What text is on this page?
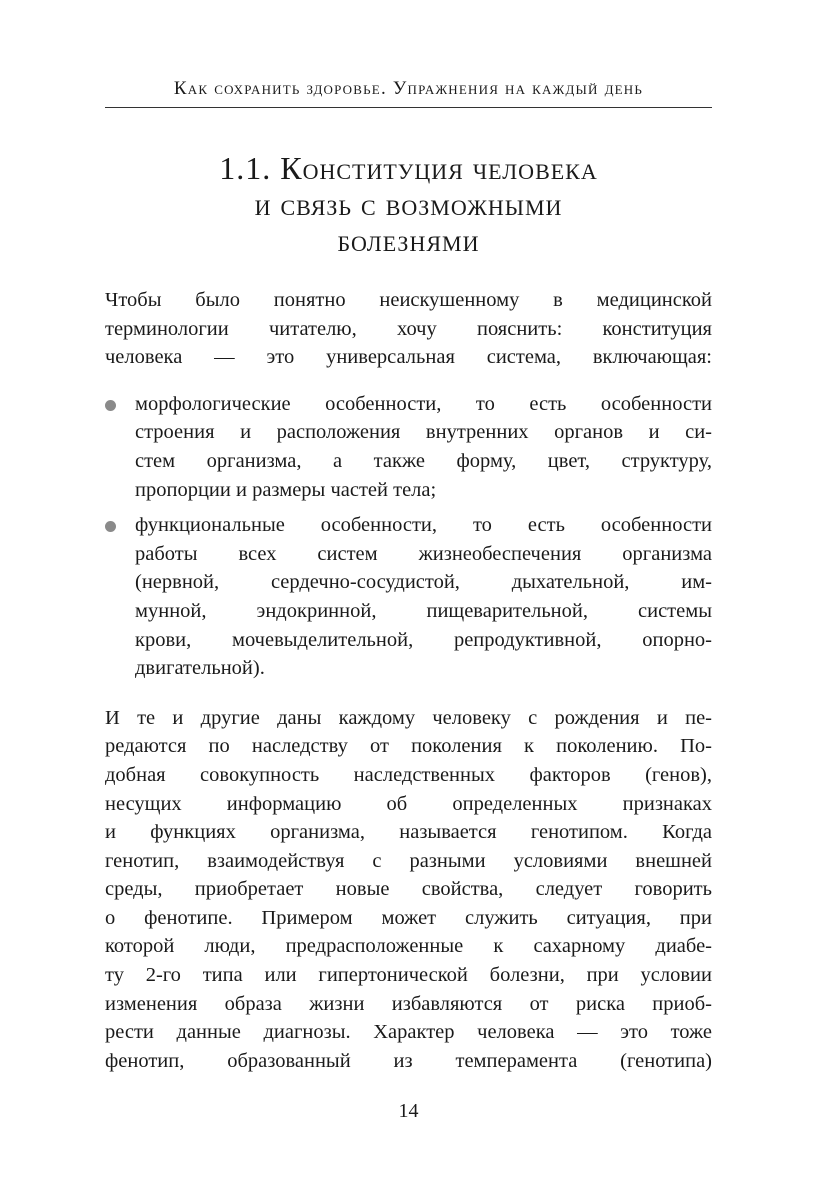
Как сохранить здоровье. Упражнения на каждый день
1.1. Конституция человека
и связь с возможными
болезнями
Чтобы было понятно неискушенному в медицинской
терминологии читателю, хочу пояснить: конституция
человека — это универсальная система, включающая:
морфологические особенности, то есть особенности
строения и расположения внутренних органов и си-
стем организма, а также форму, цвет, структуру,
пропорции и размеры частей тела;
функциональные особенности, то есть особенности
работы всех систем жизнеобеспечения организма
(нервной, сердечно-сосудистой, дыхательной, им-
мунной, эндокринной, пищеварительной, системы
крови, мочевыделительной, репродуктивной, опорно-
двигательной).
И те и другие даны каждому человеку с рождения и пе-
редаются по наследству от поколения к поколению. По-
добная совокупность наследственных факторов (генов),
несущих информацию об определенных признаках
и функциях организма, называется генотипом. Когда
генотип, взаимодействуя с разными условиями внешней
среды, приобретает новые свойства, следует говорить
о фенотипе. Примером может служить ситуация, при
которой люди, предрасположенные к сахарному диабе-
ту 2-го типа или гипертонической болезни, при условии
изменения образа жизни избавляются от риска приоб-
рести данные диагнозы. Характер человека — это тоже
фенотип, образованный из темперамента (генотипа)
14
